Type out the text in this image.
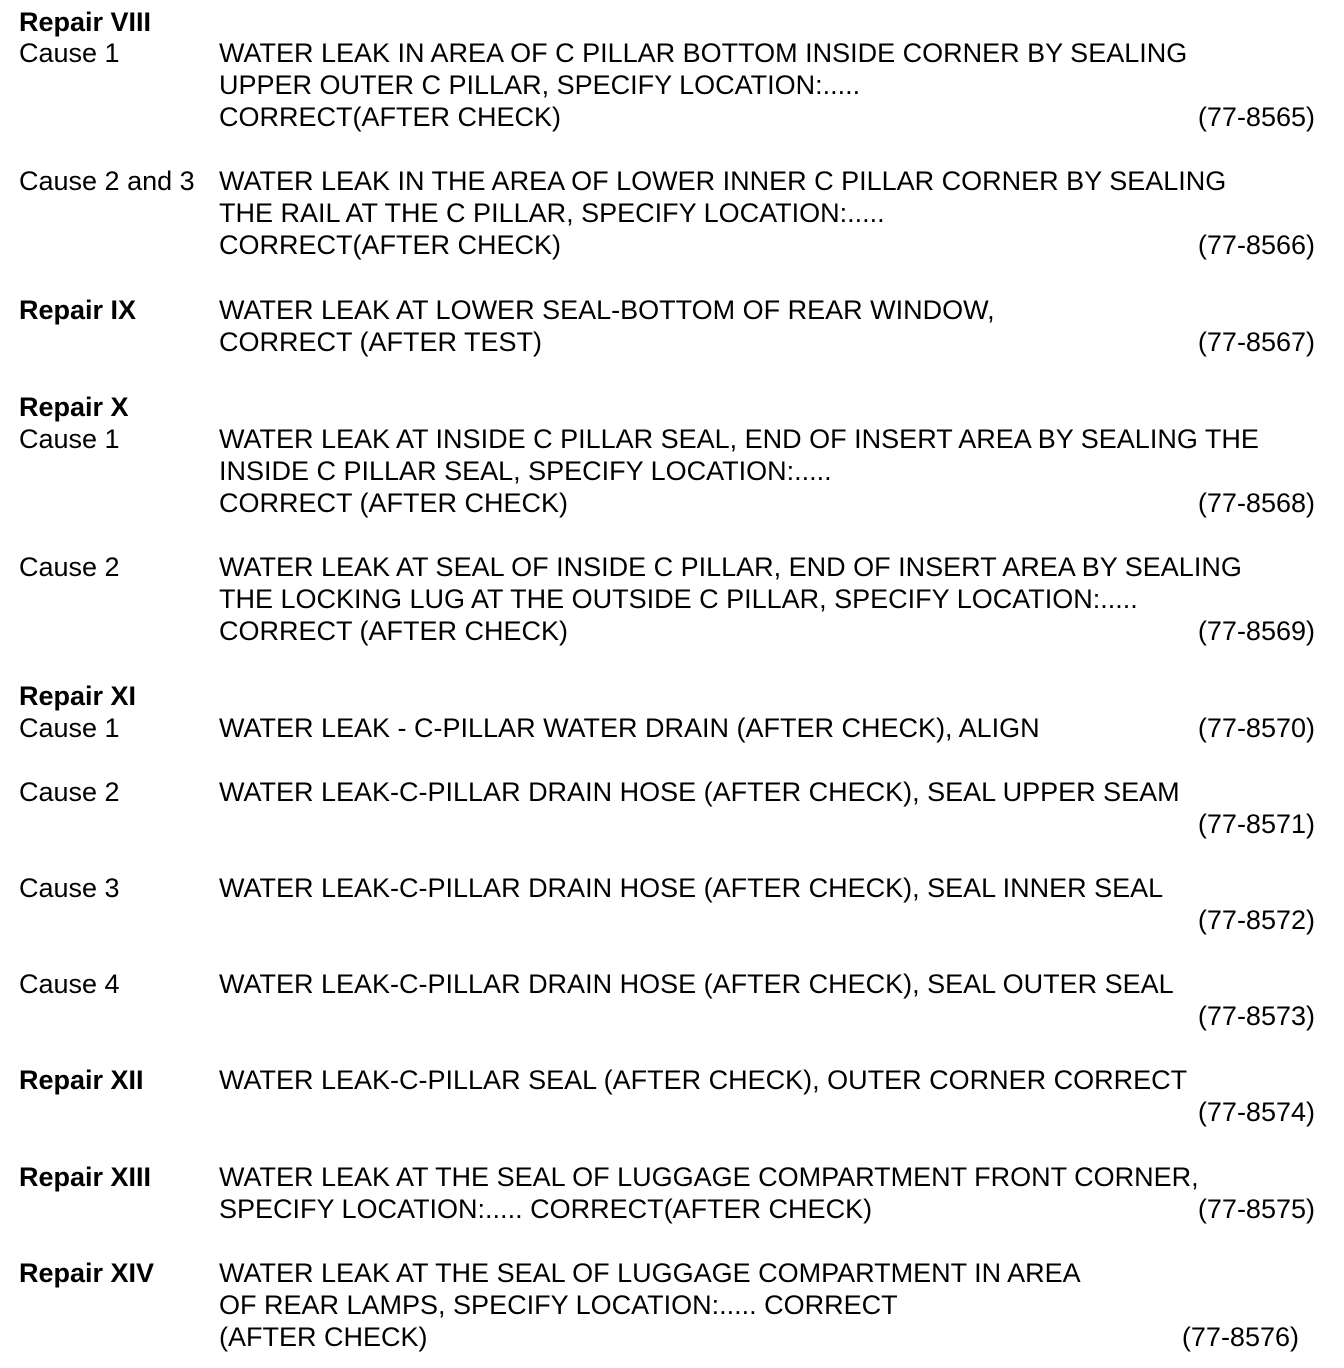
Repair VIII
Cause 1	WATER LEAK IN AREA OF C PILLAR BOTTOM INSIDE CORNER BY SEALING
UPPER OUTER C PILLAR, SPECIFY LOCATION:.....
CORRECT(AFTER CHECK)	(77-8565)
Cause 2 and 3 WATER LEAK IN THE AREA OF LOWER INNER C PILLAR CORNER BY SEALING
THE RAIL AT THE C PILLAR, SPECIFY LOCATION:.....
CORRECT(AFTER CHECK)	(77-8566)
Repair IX	WATER LEAK AT LOWER SEAL-BOTTOM OF REAR WINDOW,
CORRECT (AFTER TEST)	(77-8567)
Repair X
Cause 1	WATER LEAK AT INSIDE C PILLAR SEAL, END OF INSERT AREA BY SEALING THE
INSIDE C PILLAR SEAL, SPECIFY LOCATION:.....
CORRECT (AFTER CHECK)	(77-8568)
Cause 2	WATER LEAK AT SEAL OF INSIDE C PILLAR, END OF INSERT AREA BY SEALING
THE LOCKING LUG AT THE OUTSIDE C PILLAR, SPECIFY LOCATION:.....
CORRECT (AFTER CHECK)	(77-8569)
Repair XI
Cause 1	WATER LEAK - C-PILLAR WATER DRAIN (AFTER CHECK), ALIGN	(77-8570)
Cause 2	WATER LEAK-C-PILLAR DRAIN HOSE (AFTER CHECK), SEAL UPPER SEAM
(77-8571)
Cause 3	WATER LEAK-C-PILLAR DRAIN HOSE (AFTER CHECK), SEAL INNER SEAL
(77-8572)
Cause 4	WATER LEAK-C-PILLAR DRAIN HOSE (AFTER CHECK), SEAL OUTER SEAL
(77-8573)
Repair XII	WATER LEAK-C-PILLAR SEAL (AFTER CHECK), OUTER CORNER CORRECT
(77-8574)
Repair XIII	WATER LEAK AT THE SEAL OF LUGGAGE COMPARTMENT FRONT CORNER,
SPECIFY LOCATION:..... CORRECT(AFTER CHECK)	(77-8575)
Repair XIV WATER LEAK AT THE SEAL OF LUGGAGE COMPARTMENT IN AREA
OF REAR LAMPS, SPECIFY LOCATION:..... CORRECT
(AFTER CHECK)	(77-8576)
